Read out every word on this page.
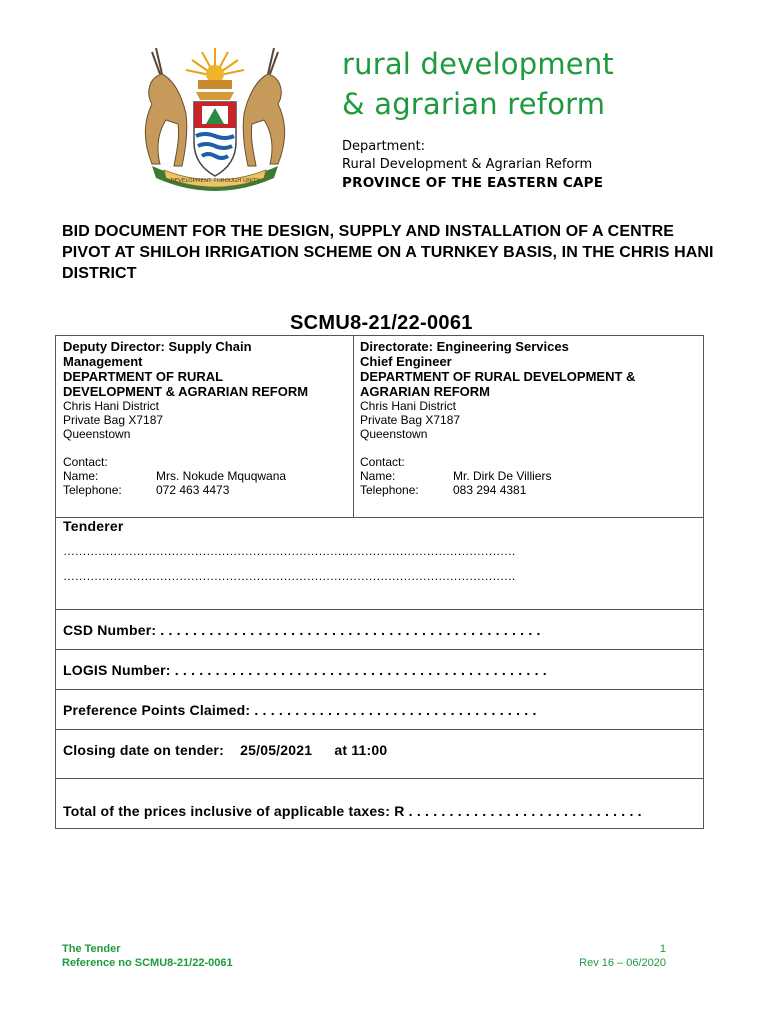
DEVELOPMENT THROUGH UNITY
rural development
& agrarian reform
Department:
Rural Development & Agrarian Reform
PROVINCE OF THE EASTERN CAPE
BID DOCUMENT FOR THE DESIGN, SUPPLY AND INSTALLATION OF A CENTRE PIVOT AT SHILOH IRRIGATION SCHEME ON A TURNKEY BASIS, IN THE CHRIS HANI DISTRICT
SCMU8-21/22-0061
Deputy Director: Supply Chain
Management
DEPARTMENT OF RURAL
DEVELOPMENT & AGRARIAN REFORM
Chris Hani District
Private Bag X7187
Queenstown
Contact:
Name:	Mrs. Nokude Mquqwana
Telephone:	072 463 4473
Directorate: Engineering Services
Chief Engineer
DEPARTMENT OF RURAL DEVELOPMENT &
AGRARIAN REFORM
Chris Hani District
Private Bag X7187
Queenstown
Contact:
Name:	Mr. Dirk De Villiers
Telephone:	083 294 4381
Tenderer
………………………………………………………………………………………………………
………………………………………………………………………………………………………
CSD Number: . . . . . . . . . . . . . . . . . . . . . . . . . . . . . . . . . . . . . . . . . . . . . . .
LOGIS Number: . . . . . . . . . . . . . . . . . . . . . . . . . . . . . . . . . . . . . . . . . . . . . .
Preference Points Claimed: . . . . . . . . . . . . . . . . . . . . . . . . . . . . . . . . . . .
Closing date on tender: 25/05/2021 at 11:00
Total of the prices inclusive of applicable taxes: R . . . . . . . . . . . . . . . . . . . . . . . . . . . . .
The Tender
Reference no SCMU8-21/22-0061
1
Rev 16 – 06/2020
